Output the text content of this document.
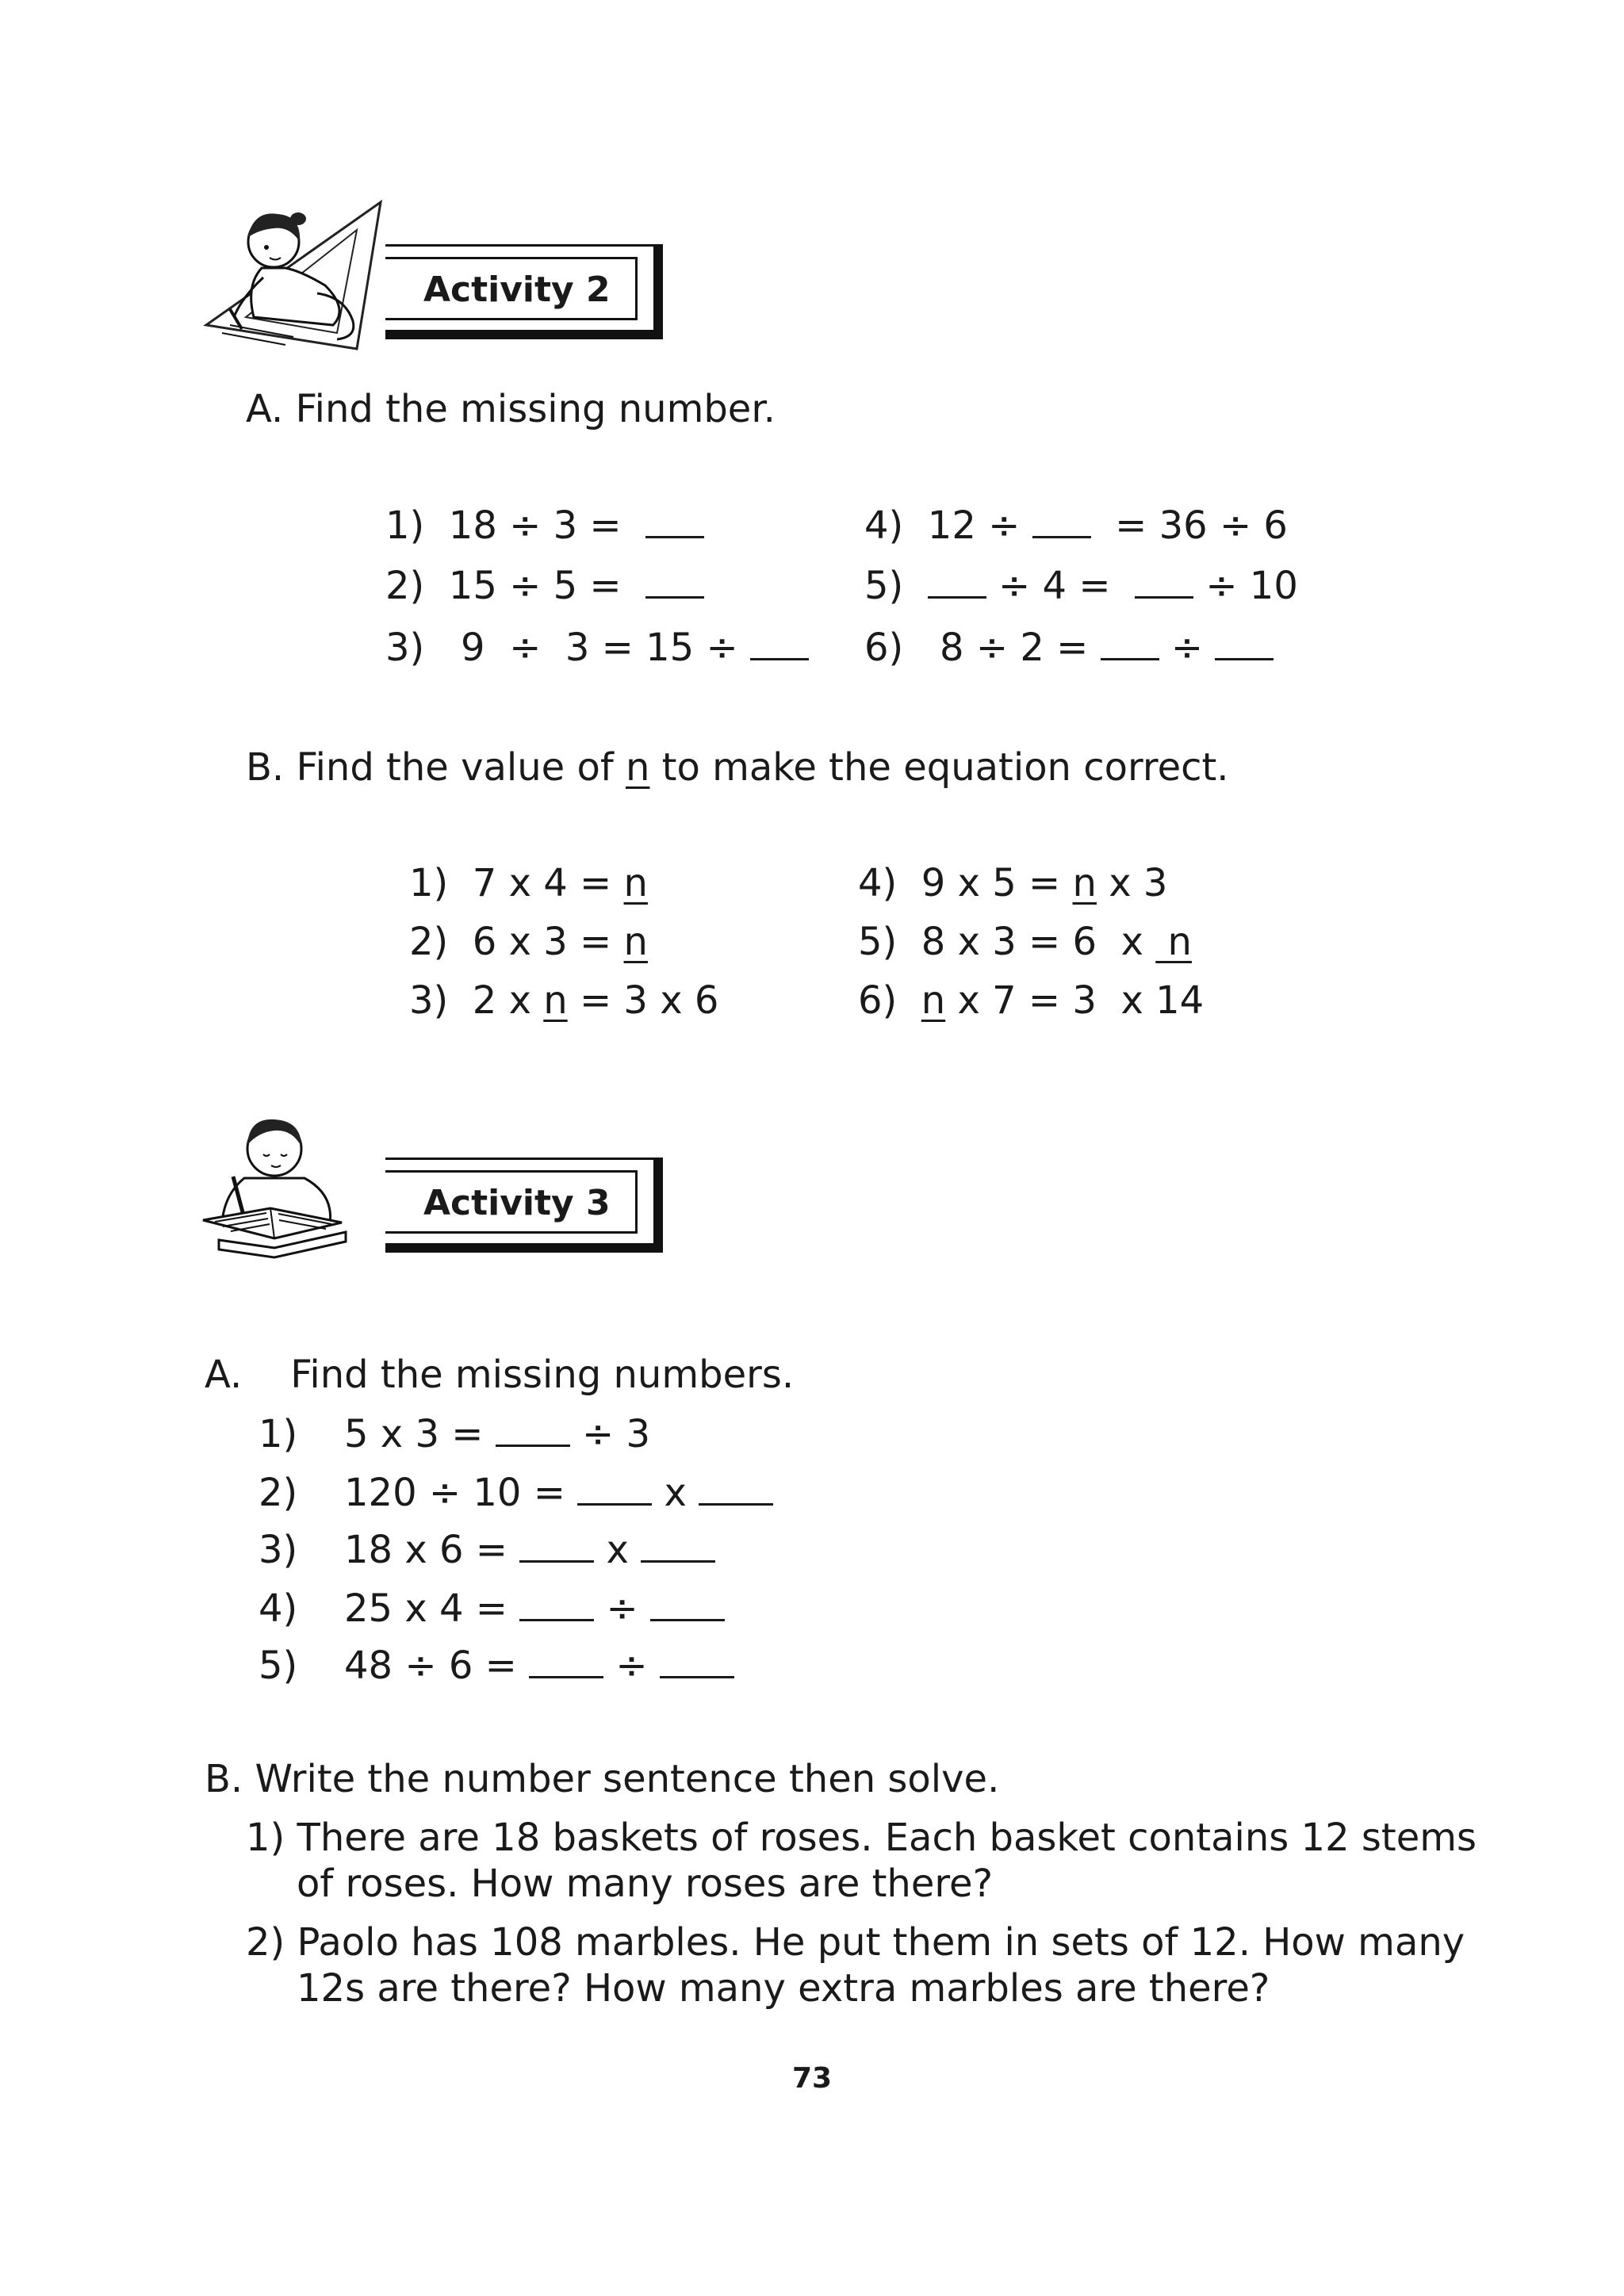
Activity 2
A. Find the missing number.
1) 18 ÷ 3 =
2) 15 ÷ 5 =
3)   9  ÷  3 = 15 ÷
4) 12 ÷ = 36 ÷ 6
5) ÷ 4 = ÷ 10
6) 8 ÷ 2 = ÷
B. Find the value of n to make the equation correct.
1) 7 x 4 = n
2) 6 x 3 = n
3) 2 x n = 3 x 6
4) 9 x 5 = n x 3
5) 8 x 3 = 6  x  n
6) n x 7 = 3  x 14
Activity 3
A. Find the missing numbers.
1) 5 x 3 =	÷ 3
2) 120 ÷ 10 =	x
3) 18 x 6 =	x
4) 25 x 4 =	÷
5) 48 ÷ 6 =	÷
B. Write the number sentence then solve.
1) There are 18 baskets of roses. Each basket contains 12 stems
of roses. How many roses are there?
2) Paolo has 108 marbles. He put them in sets of 12. How many
12s are there? How many extra marbles are there?
73
